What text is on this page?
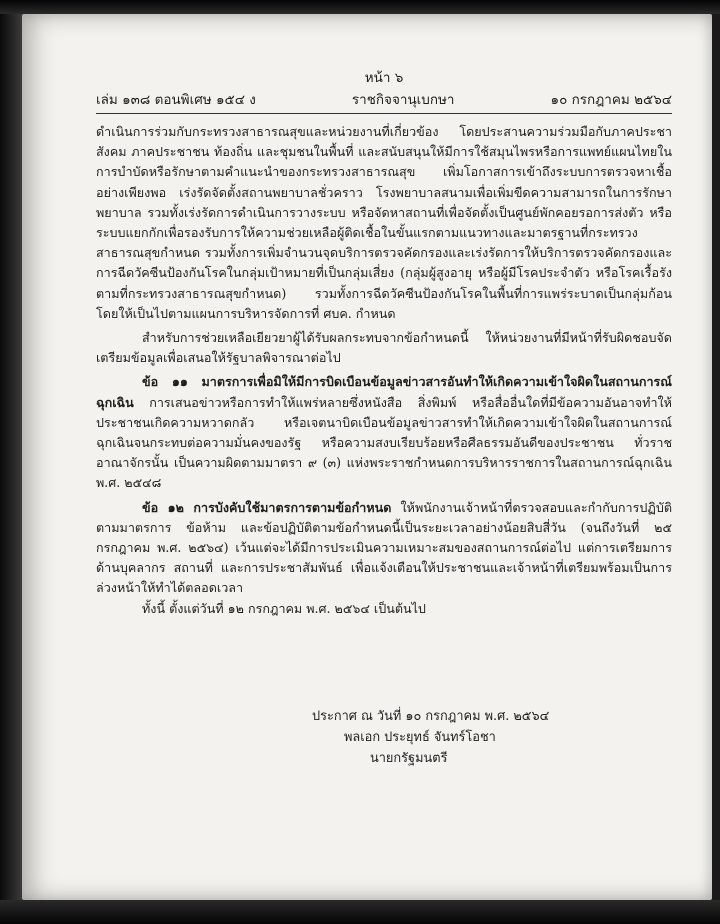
หน้า ๖
เล่ม ๑๓๘ ตอนพิเศษ ๑๕๔ ง	ราชกิจจานุเบกษา	๑๐ กรกฎาคม ๒๕๖๔

ดำเนินการร่วมกับกระทรวงสาธารณสุขและหน่วยงานที่เกี่ยวข้อง โดยประสานความร่วมมือกับภาคประชาสังคม ภาคประชาชน ท้องถิ่น และชุมชนในพื้นที่ และสนับสนุนให้มีการใช้สมุนไพรหรือการแพทย์แผนไทยในการบำบัดหรือรักษาตามคำแนะนำของกระทรวงสาธารณสุข เพิ่มโอกาสการเข้าถึงระบบการตรวจหาเชื้ออย่างเพียงพอ เร่งรัดจัดตั้งสถานพยาบาลชั่วคราว โรงพยาบาลสนามเพื่อเพิ่มขีดความสามารถในการรักษาพยาบาล รวมทั้งเร่งรัดการดำเนินการวางระบบ หรือจัดหาสถานที่เพื่อจัดตั้งเป็นศูนย์พักคอยรอการส่งตัว หรือระบบแยกกักเพื่อรองรับการให้ความช่วยเหลือผู้ติดเชื้อในขั้นแรกตามแนวทางและมาตรฐานที่กระทรวงสาธารณสุขกำหนด รวมทั้งการเพิ่มจำนวนจุดบริการตรวจคัดกรองและเร่งรัดการให้บริการตรวจคัดกรองและการฉีดวัคซีนป้องกันโรคในกลุ่มเป้าหมายที่เป็นกลุ่มเสี่ยง (กลุ่มผู้สูงอายุ หรือผู้มีโรคประจำตัว หรือโรคเรื้อรังตามที่กระทรวงสาธารณสุขกำหนด) รวมทั้งการฉีดวัคซีนป้องกันโรคในพื้นที่การแพร่ระบาดเป็นกลุ่มก้อน โดยให้เป็นไปตามแผนการบริหารจัดการที่ ศบค. กำหนด

สำหรับการช่วยเหลือเยียวยาผู้ได้รับผลกระทบจากข้อกำหนดนี้ ให้หน่วยงานที่มีหน้าที่รับผิดชอบจัดเตรียมข้อมูลเพื่อเสนอให้รัฐบาลพิจารณาต่อไป

ข้อ ๑๑ มาตรการเพื่อมิให้มีการบิดเบือนข้อมูลข่าวสารอันทำให้เกิดความเข้าใจผิดในสถานการณ์ฉุกเฉิน การเสนอข่าวหรือการทำให้แพร่หลายซึ่งหนังสือ สิ่งพิมพ์ หรือสื่ออื่นใดที่มีข้อความอันอาจทำให้ประชาชนเกิดความหวาดกลัว หรือเจตนาบิดเบือนข้อมูลข่าวสารทำให้เกิดความเข้าใจผิดในสถานการณ์ฉุกเฉินจนกระทบต่อความมั่นคงของรัฐ หรือความสงบเรียบร้อยหรือศีลธรรมอันดีของประชาชน ทั่วราชอาณาจักรนั้น เป็นความผิดตามมาตรา ๙ (๓) แห่งพระราชกำหนดการบริหารราชการในสถานการณ์ฉุกเฉิน พ.ศ. ๒๕๔๘

ข้อ ๑๒ การบังคับใช้มาตรการตามข้อกำหนด ให้พนักงานเจ้าหน้าที่ตรวจสอบและกำกับการปฏิบัติตามมาตรการ ข้อห้าม และข้อปฏิบัติตามข้อกำหนดนี้เป็นระยะเวลาอย่างน้อยสิบสี่วัน (จนถึงวันที่ ๒๕ กรกฎาคม พ.ศ. ๒๕๖๔) เว้นแต่จะได้มีการประเมินความเหมาะสมของสถานการณ์ต่อไป แต่การเตรียมการด้านบุคลากร สถานที่ และการประชาสัมพันธ์ เพื่อแจ้งเตือนให้ประชาชนและเจ้าหน้าที่เตรียมพร้อมเป็นการล่วงหน้าให้ทำได้ตลอดเวลา

ทั้งนี้ ตั้งแต่วันที่ ๑๒ กรกฎาคม พ.ศ. ๒๕๖๔ เป็นต้นไป

ประกาศ ณ วันที่ ๑๐ กรกฎาคม พ.ศ. ๒๕๖๔
พลเอก ประยุทธ์ จันทร์โอชา
นายกรัฐมนตรี
